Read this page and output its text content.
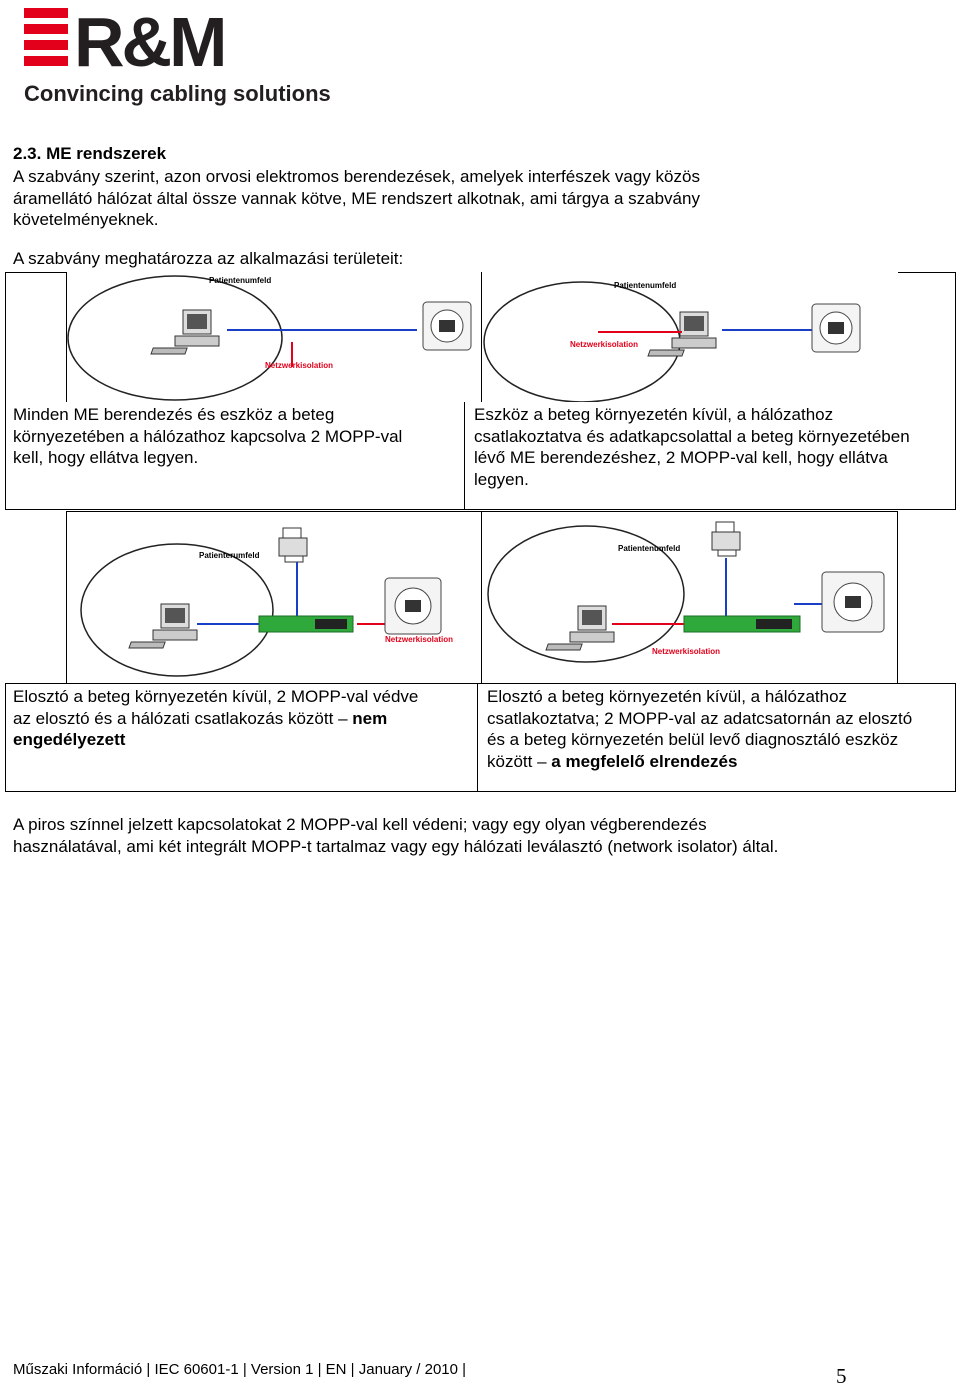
R&M
Convincing cabling solutions
2.3. ME rendszerek
A szabvány szerint, azon orvosi elektromos berendezések, amelyek interfészek vagy közös
áramellátó hálózat által össze vannak kötve, ME rendszert alkotnak, ami tárgya a szabvány
követelményeknek.
A szabvány meghatározza az alkalmazási területeit:
Patientenumfeld
Netzwerkisolation
Patientenumfeld
Netzwerkisolation
Minden ME berendezés és eszköz a beteg
környezetében a hálózathoz kapcsolva 2 MOPP-val
kell, hogy ellátva legyen.
Eszköz a beteg környezetén kívül, a hálózathoz
csatlakoztatva és adatkapcsolattal a beteg környezetében
lévő ME berendezéshez, 2 MOPP-val kell, hogy ellátva
legyen.
Patienterumfeld
Netzwerkisolation
Patientenumfeld
Netzwerkisolation
Elosztó a beteg környezetén kívül, 2 MOPP-val védve
az elosztó és a hálózati csatlakozás között – nem
engedélyezett
Elosztó a beteg környezetén kívül, a hálózathoz
csatlakoztatva; 2 MOPP-val az adatcsatornán az elosztó
és a beteg környezetén belül levő diagnosztáló eszköz
között – a megfelelő elrendezés
A piros színnel jelzett kapcsolatokat 2 MOPP-val kell védeni; vagy egy olyan végberendezés
használatával, ami két integrált MOPP-t tartalmaz vagy egy hálózati leválasztó (network isolator) által.
Műszaki Információ | IEC 60601-1 | Version 1 | EN | January / 2010 |	5
